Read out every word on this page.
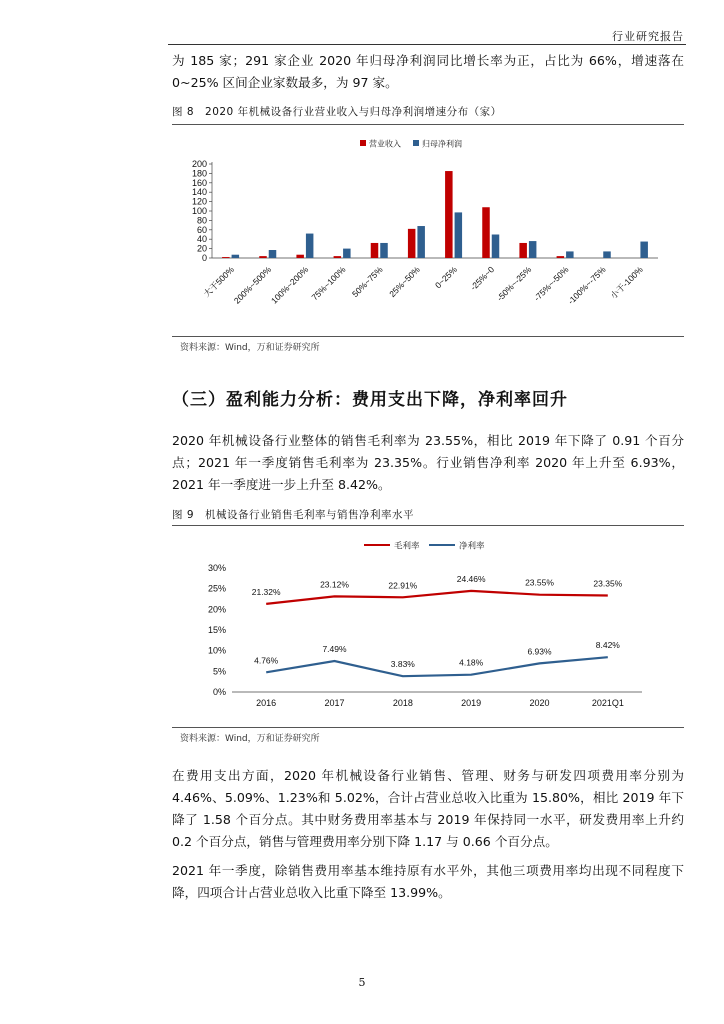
行业研究报告
为 185 家；291 家企业 2020 年归母净利润同比增长率为正，占比为 66%，增速落在 0~25% 区间企业家数最多，为 97 家。
图 8　2020 年机械设备行业营业收入与归母净利润增速分布（家）
营业收入	归母净利润
0
20
40
60
80
100
120
140
160
180
200
大于500%
200%~500%
100%~200% 75%~100% 50%~75% 25%~50% 0~25% -25%~0
-50%~-25%
-75%~-50%
-100%~-75% 小于-100%
资料来源：Wind，万和证券研究所
（三）盈利能力分析：费用支出下降，净利率回升
2020 年机械设备行业整体的销售毛利率为 23.55%，相比 2019 年下降了 0.91 个百分点；2021 年一季度销售毛利率为 23.35%。行业销售净利率 2020 年上升至 6.93%，2021 年一季度进一步上升至 8.42%。
图 9　机械设备行业销售毛利率与销售净利率水平
毛利率	净利率
0%
5%
10%
15%
20%
25%
30%
2016	2017	2018	2019	2020	2021Q1
21.32%
23.12%	22.91%
24.46%	23.55%	23.35%
4.76%
7.49%
3.83%	4.18%
6.93%
8.42%
资料来源：Wind，万和证券研究所
在费用支出方面，2020 年机械设备行业销售、管理、财务与研发四项费用率分别为 4.46%、5.09%、1.23%和 5.02%，合计占营业总收入比重为 15.80%，相比 2019 年下降了 1.58 个百分点。其中财务费用率基本与 2019 年保持同一水平，研发费用率上升约 0.2 个百分点，销售与管理费用率分别下降 1.17 与 0.66 个百分点。
2021 年一季度，除销售费用率基本维持原有水平外，其他三项费用率均出现不同程度下降，四项合计占营业总收入比重下降至 13.99%。
5
